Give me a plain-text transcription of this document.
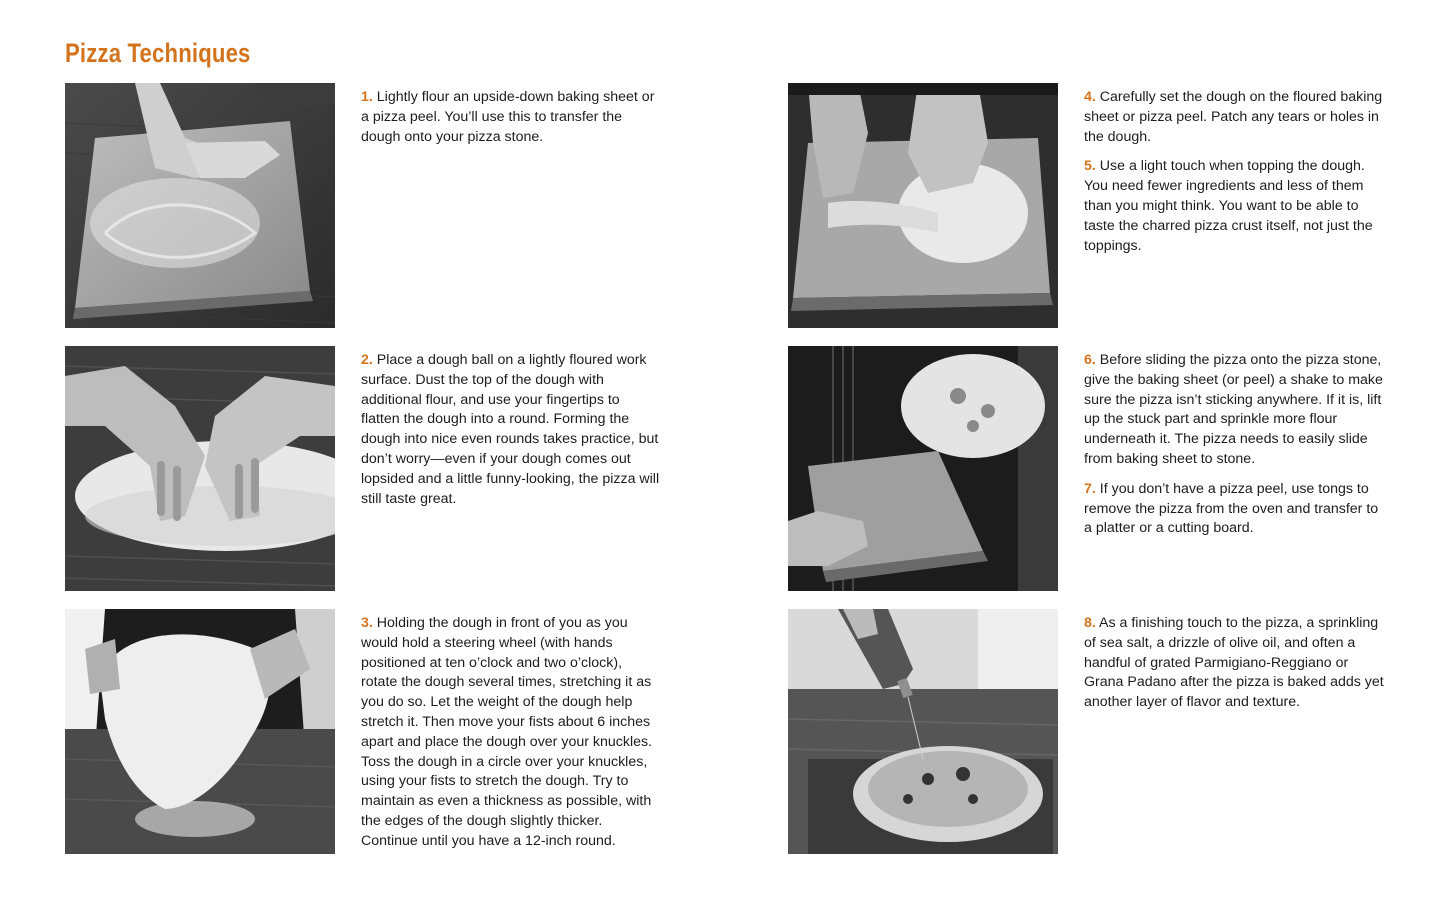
Pizza Techniques

1. Lightly flour an upside-down baking sheet or a pizza peel. You’ll use this to transfer the dough onto your pizza stone.

2. Place a dough ball on a lightly floured work surface. Dust the top of the dough with additional flour, and use your fingertips to flatten the dough into a round. Forming the dough into nice even rounds takes practice, but don’t worry—even if your dough comes out lopsided and a little funny-looking, the pizza will still taste great.

3. Holding the dough in front of you as you would hold a steering wheel (with hands positioned at ten o’clock and two o’clock), rotate the dough several times, stretching it as you do so. Let the weight of the dough help stretch it. Then move your fists about 6 inches apart and place the dough over your knuckles. Toss the dough in a circle over your knuckles, using your fists to stretch the dough. Try to maintain as even a thickness as possible, with the edges of the dough slightly thicker. Continue until you have a 12-inch round.

4. Carefully set the dough on the floured baking sheet or pizza peel. Patch any tears or holes in the dough.

5. Use a light touch when topping the dough. You need fewer ingredients and less of them than you might think. You want to be able to taste the charred pizza crust itself, not just the toppings.

6. Before sliding the pizza onto the pizza stone, give the baking sheet (or peel) a shake to make sure the pizza isn’t sticking anywhere. If it is, lift up the stuck part and sprinkle more flour underneath it. The pizza needs to easily slide from baking sheet to stone.

7. If you don’t have a pizza peel, use tongs to remove the pizza from the oven and transfer to a platter or a cutting board.

8. As a finishing touch to the pizza, a sprinkling of sea salt, a drizzle of olive oil, and often a handful of grated Parmigiano-Reggiano or Grana Padano after the pizza is baked adds yet another layer of flavor and texture.
